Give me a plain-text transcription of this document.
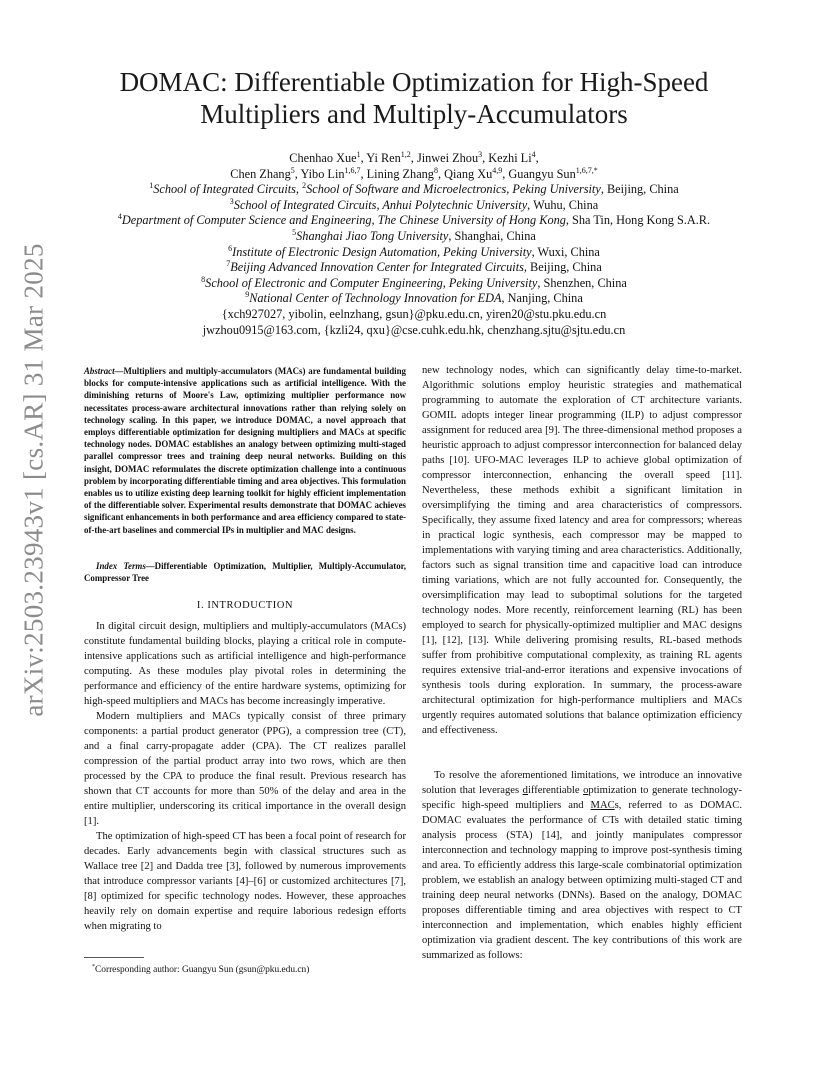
arXiv:2503.23943v1 [cs.AR] 31 Mar 2025
DOMAC: Differentiable Optimization for High-Speed
Multipliers and Multiply-Accumulators
Chenhao Xue$^1$, Yi Ren$^{1,2}$, Jinwei Zhou$^3$, Kezhi Li$^4$,
Chen Zhang$^5$, Yibo Lin$^{1,6,7}$, Lining Zhang$^8$, Qiang Xu$^{4,9}$, Guangyu Sun$^{1,6,7,*}$
$^1$School of Integrated Circuits, $^2$School of Software and Microelectronics, Peking University, Beijing, China
$^3$School of Integrated Circuits, Anhui Polytechnic University, Wuhu, China
$^4$Department of Computer Science and Engineering, The Chinese University of Hong Kong, Sha Tin, Hong Kong S.A.R.
$^5$Shanghai Jiao Tong University, Shanghai, China
$^6$Institute of Electronic Design Automation, Peking University, Wuxi, China
$^7$Beijing Advanced Innovation Center for Integrated Circuits, Beijing, China
$^8$School of Electronic and Computer Engineering, Peking University, Shenzhen, China
$^9$National Center of Technology Innovation for EDA, Nanjing, China
{xch927027, yibolin, eelnzhang, gsun}@pku.edu.cn, yiren20@stu.pku.edu.cn
jwzhou0915@163.com, {kzli24, qxu}@cse.cuhk.edu.hk, chenzhang.sjtu@sjtu.edu.cn
Abstract—Multipliers and multiply-accumulators (MACs) are fundamental building blocks for compute-intensive applications such as artificial intelligence. With the diminishing returns of Moore's Law, optimizing multiplier performance now necessitates process-aware architectural innovations rather than relying solely on technology scaling. In this paper, we introduce DOMAC, a novel approach that employs differentiable optimization for designing multipliers and MACs at specific technology nodes. DOMAC establishes an analogy between optimizing multi-staged parallel compressor trees and training deep neural networks. Building on this insight, DOMAC reformulates the discrete optimization challenge into a continuous problem by incorporating differentiable timing and area objectives. This formulation enables us to utilize existing deep learning toolkit for highly efficient implementation of the differentiable solver. Experimental results demonstrate that DOMAC achieves significant enhancements in both performance and area efficiency compared to state-of-the-art baselines and commercial IPs in multiplier and MAC designs.
Index Terms—Differentiable Optimization, Multiplier, Multiply-Accumulator, Compressor Tree
I. INTRODUCTION

In digital circuit design, multipliers and multiply-accumulators (MACs) constitute fundamental building blocks, playing a critical role in compute-intensive applications such as artificial intelligence and high-performance computing. As these modules play pivotal roles in determining the performance and efficiency of the entire hardware systems, optimizing for high-speed multipliers and MACs has become increasingly imperative.

Modern multipliers and MACs typically consist of three primary components: a partial product generator (PPG), a compression tree (CT), and a final carry-propagate adder (CPA). The CT realizes parallel compression of the partial product array into two rows, which are then processed by the CPA to produce the final result. Previous research has shown that CT accounts for more than 50% of the delay and area in the entire multiplier, underscoring its critical importance in the overall design [1].

The optimization of high-speed CT has been a focal point of research for decades. Early advancements begin with classical structures such as Wallace tree [2] and Dadda tree [3], followed by numerous improvements that introduce compressor variants [4]–[6] or customized architectures [7], [8] optimized for specific technology nodes. However, these approaches heavily rely on domain expertise and require laborious redesign efforts when migrating to

*Corresponding author: Guangyu Sun (gsun@pku.edu.cn)

new technology nodes, which can significantly delay time-to-market. Algorithmic solutions employ heuristic strategies and mathematical programming to automate the exploration of CT architecture variants. GOMIL adopts integer linear programming (ILP) to adjust compressor assignment for reduced area [9]. The three-dimensional method proposes a heuristic approach to adjust compressor interconnection for balanced delay paths [10]. UFO-MAC leverages ILP to achieve global optimization of compressor interconnection, enhancing the overall speed [11]. Nevertheless, these methods exhibit a significant limitation in oversimplifying the timing and area characteristics of compressors. Specifically, they assume fixed latency and area for compressors; whereas in practical logic synthesis, each compressor may be mapped to implementations with varying timing and area characteristics. Additionally, factors such as signal transition time and capacitive load can introduce timing variations, which are not fully accounted for. Consequently, the oversimplification may lead to suboptimal solutions for the targeted technology nodes. More recently, reinforcement learning (RL) has been employed to search for physically-optimized multiplier and MAC designs [1], [12], [13]. While delivering promising results, RL-based methods suffer from prohibitive computational complexity, as training RL agents requires extensive trial-and-error iterations and expensive invocations of synthesis tools during exploration. In summary, the process-aware architectural optimization for high-performance multipliers and MACs urgently requires automated solutions that balance optimization efficiency and effectiveness.

To resolve the aforementioned limitations, we introduce an innovative solution that leverages differentiable optimization to generate technology-specific high-speed multipliers and MACs, referred to as DOMAC. DOMAC evaluates the performance of CTs with detailed static timing analysis process (STA) [14], and jointly manipulates compressor interconnection and technology mapping to improve post-synthesis timing and area. To efficiently address this large-scale combinatorial optimization problem, we establish an analogy between optimizing multi-staged CT and training deep neural networks (DNNs). Based on the analogy, DOMAC proposes differentiable timing and area objectives with respect to CT interconnection and implementation, which enables highly efficient optimization via gradient descent. The key contributions of this work are summarized as follows:
